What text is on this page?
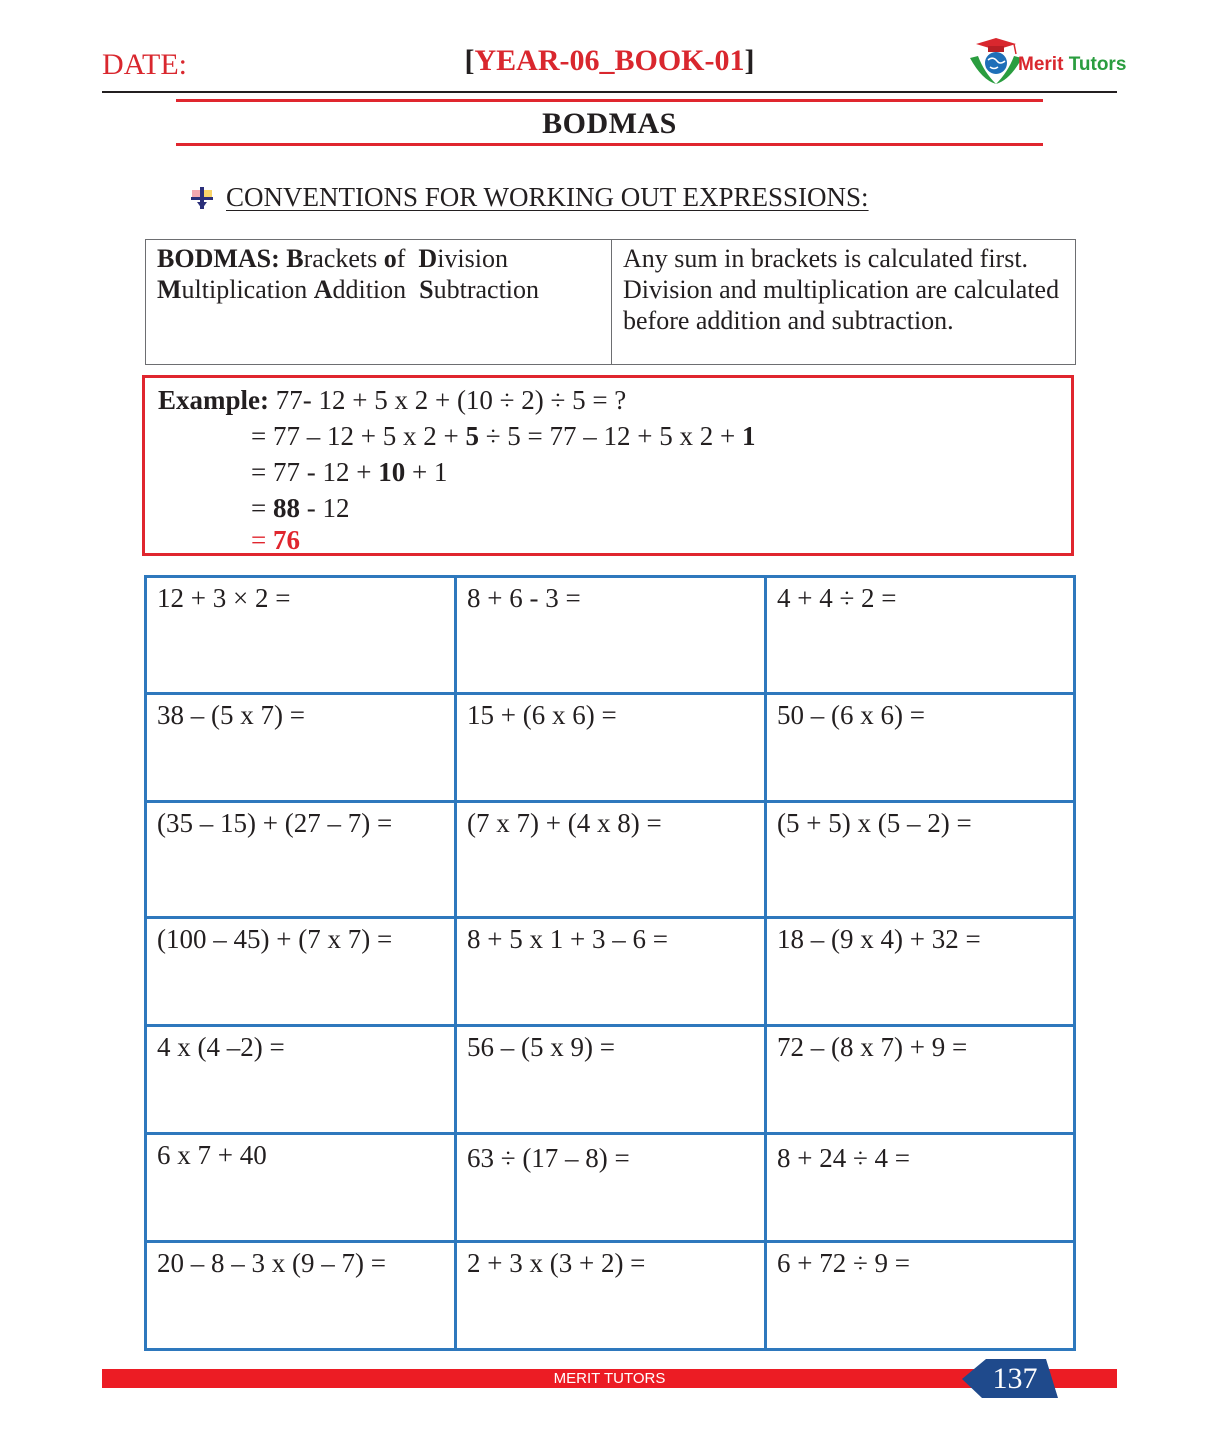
DATE:	[YEAR-06_BOOK-01]	Merit Tutors
BODMAS
CONVENTIONS FOR WORKING OUT EXPRESSIONS:
BODMAS: Brackets of Division
Multiplication Addition Subtraction
Any sum in brackets is calculated first. Division and multiplication are calculated before addition and subtraction.
Example: 77- 12 + 5 x 2 + (10 ÷ 2) ÷ 5 = ?
= 77 – 12 + 5 x 2 + 5 ÷ 5 = 77 – 12 + 5 x 2 + 1
= 77 - 12 + 10 + 1
= 88 - 12
= 76
12 + 3 × 2 =	8 + 6 - 3 =	4 + 4 ÷ 2 =
38 – (5 x 7) =	15 + (6 x 6) =	50 – (6 x 6) =
(35 – 15) + (27 – 7) =	(7 x 7) + (4 x 8) =	(5 + 5) x (5 – 2) =
(100 – 45) + (7 x 7) =	8 + 5 x 1 + 3 – 6 =	18 – (9 x 4) + 32 =
4 x (4 –2) =	56 – (5 x 9) =	72 – (8 x 7) + 9 =
6 x 7 + 40	63 ÷ (17 – 8) =	8 + 24 ÷ 4 =
20 – 8 – 3 x (9 – 7) =	2 + 3 x (3 + 2) =	6 + 72 ÷ 9 =
MERIT TUTORS	137
